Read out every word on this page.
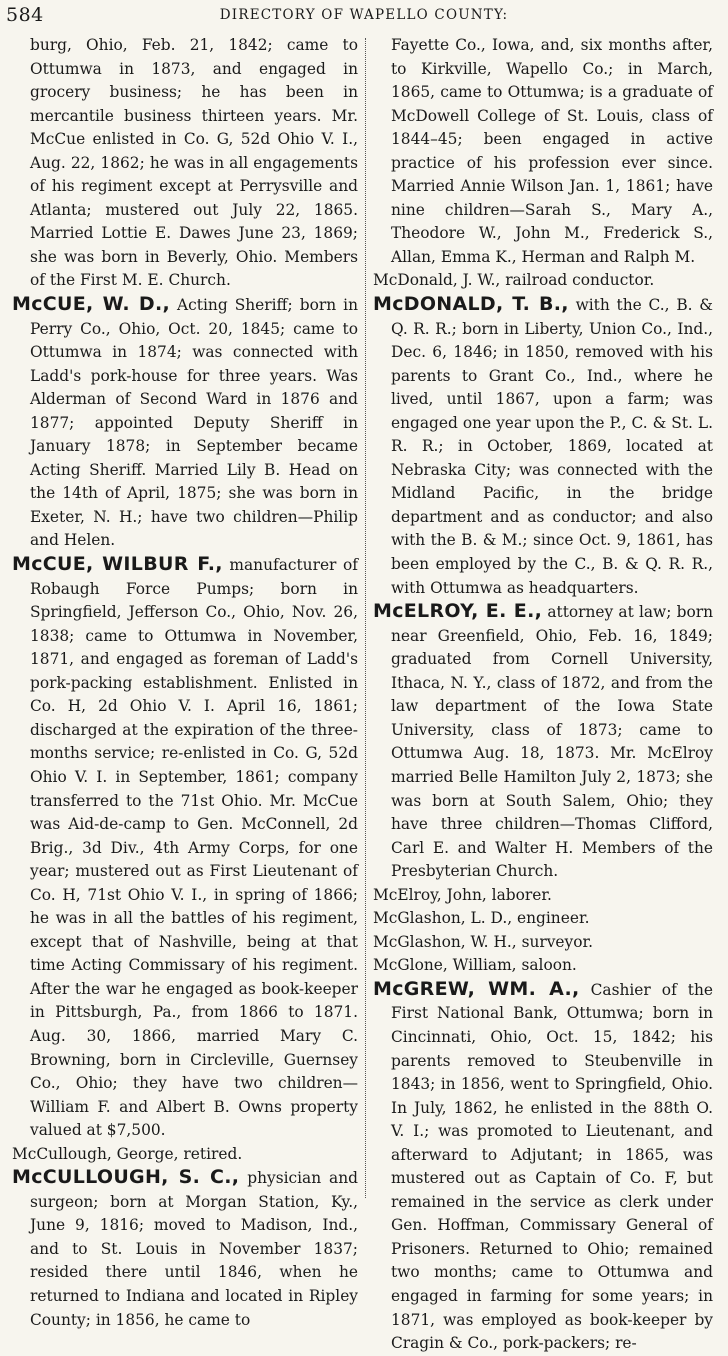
584	DIRECTORY OF WAPELLO COUNTY:

burg, Ohio, Feb. 21, 1842; came to Ottumwa in 1873, and engaged in grocery business; he has been in mercantile business thirteen years. Mr. McCue enlisted in Co. G, 52d Ohio V. I., Aug. 22, 1862; he was in all engagements of his regiment except at Perrysville and Atlanta; mustered out July 22, 1865. Married Lottie E. Dawes June 23, 1869; she was born in Beverly, Ohio. Members of the First M. E. Church.

McCUE, W. D., Acting Sheriff; born in Perry Co., Ohio, Oct. 20, 1845; came to Ottumwa in 1874; was connected with Ladd's pork-house for three years. Was Alderman of Second Ward in 1876 and 1877; appointed Deputy Sheriff in January 1878; in September became Acting Sheriff. Married Lily B. Head on the 14th of April, 1875; she was born in Exeter, N. H.; have two children—Philip and Helen.

McCUE, WILBUR F., manufacturer of Robaugh Force Pumps; born in Springfield, Jefferson Co., Ohio, Nov. 26, 1838; came to Ottumwa in November, 1871, and engaged as foreman of Ladd's pork-packing establishment. Enlisted in Co. H, 2d Ohio V. I. April 16, 1861; discharged at the expiration of the three-months service; re-enlisted in Co. G, 52d Ohio V. I. in September, 1861; company transferred to the 71st Ohio. Mr. McCue was Aid-de-camp to Gen. McConnell, 2d Brig., 3d Div., 4th Army Corps, for one year; mustered out as First Lieutenant of Co. H, 71st Ohio V. I., in spring of 1866; he was in all the battles of his regiment, except that of Nashville, being at that time Acting Commissary of his regiment. After the war he engaged as book-keeper in Pittsburgh, Pa., from 1866 to 1871. Aug. 30, 1866, married Mary C. Browning, born in Circleville, Guernsey Co., Ohio; they have two children—William F. and Albert B. Owns property valued at $7,500.

McCullough, George, retired.

McCULLOUGH, S. C., physician and surgeon; born at Morgan Station, Ky., June 9, 1816; moved to Madison, Ind., and to St. Louis in November 1837; resided there until 1846, when he returned to Indiana and located in Ripley County; in 1856, he came to

Fayette Co., Iowa, and, six months after, to Kirkville, Wapello Co.; in March, 1865, came to Ottumwa; is a graduate of McDowell College of St. Louis, class of 1844–45; been engaged in active practice of his profession ever since. Married Annie Wilson Jan. 1, 1861; have nine children—Sarah S., Mary A., Theodore W., John M., Frederick S., Allan, Emma K., Herman and Ralph M.

McDonald, J. W., railroad conductor.

McDONALD, T. B., with the C., B. & Q. R. R.; born in Liberty, Union Co., Ind., Dec. 6, 1846; in 1850, removed with his parents to Grant Co., Ind., where he lived, until 1867, upon a farm; was engaged one year upon the P., C. & St. L. R. R.; in October, 1869, located at Nebraska City; was connected with the Midland Pacific, in the bridge department and as conductor; and also with the B. & M.; since Oct. 9, 1861, has been employed by the C., B. & Q. R. R., with Ottumwa as headquarters.

McELROY, E. E., attorney at law; born near Greenfield, Ohio, Feb. 16, 1849; graduated from Cornell University, Ithaca, N. Y., class of 1872, and from the law department of the Iowa State University, class of 1873; came to Ottumwa Aug. 18, 1873. Mr. McElroy married Belle Hamilton July 2, 1873; she was born at South Salem, Ohio; they have three children—Thomas Clifford, Carl E. and Walter H. Members of the Presbyterian Church.

McElroy, John, laborer.

McGlashon, L. D., engineer.

McGlashon, W. H., surveyor.

McGlone, William, saloon.

McGREW, WM. A., Cashier of the First National Bank, Ottumwa; born in Cincinnati, Ohio, Oct. 15, 1842; his parents removed to Steubenville in 1843; in 1856, went to Springfield, Ohio. In July, 1862, he enlisted in the 88th O. V. I.; was promoted to Lieutenant, and afterward to Adjutant; in 1865, was mustered out as Captain of Co. F, but remained in the service as clerk under Gen. Hoffman, Commissary General of Prisoners. Returned to Ohio; remained two months; came to Ottumwa and engaged in farming for some years; in 1871, was employed as book-keeper by Cragin & Co., pork-packers; re-
